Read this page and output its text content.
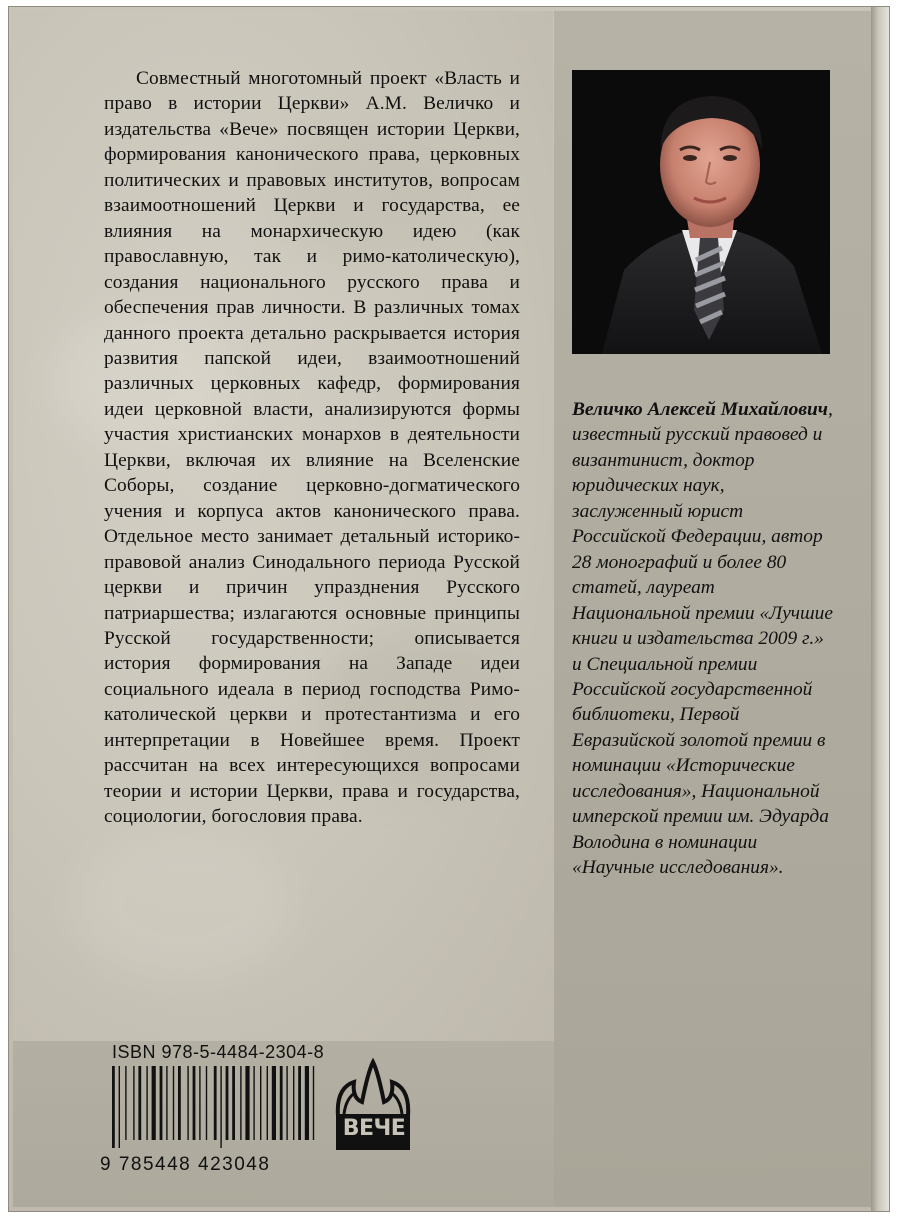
Совместный многотомный проект «Власть и право в истории Церкви» А.М. Величко и издательства «Вече» посвящен истории Церкви, формирования канонического права, церковных политических и правовых институтов, вопросам взаимоотношений Церкви и государства, ее влияния на монархическую идею (как православную, так и римо-католическую), создания национального русского права и обеспечения прав личности. В различных томах данного проекта детально раскрывается история развития папской идеи, взаимоотношений различных церковных кафедр, формирования идеи церковной власти, анализируются формы участия христианских монархов в деятельности Церкви, включая их влияние на Вселенские Соборы, создание церковно-догматического учения и корпуса актов канонического права. Отдельное место занимает детальный историко-правовой анализ Синодального периода Русской церкви и причин упразднения Русского патриаршества; излагаются основные принципы Русской государственности; описывается история формирования на Западе идеи социального идеала в период господства Римо-католической церкви и протестантизма и его интерпретации в Новейшее время. Проект рассчитан на всех интересующихся вопросами теории и истории Церкви, права и государства, социологии, богословия права.
Величко Алексей Михайлович, известный русский правовед и византинист, доктор юридических наук, заслуженный юрист Российской Федерации, автор 28 монографий и более 80 статей, лауреат Национальной премии «Лучшие книги и издательства 2009 г.» и Специальной премии Российской государственной библиотеки, Первой Евразийской золотой премии в номинации «Исторические исследования», Национальной имперской премии им. Эдуарда Володина в номинации «Научные исследования».
ISBN 978-5-4484-2304-8
9 785448 423048
ВЕЧЕ
